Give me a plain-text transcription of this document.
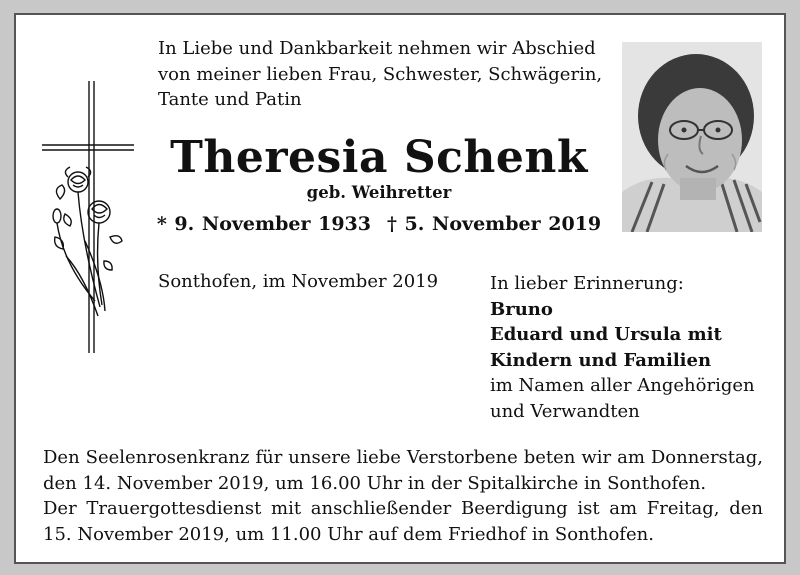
In Liebe und Dankbarkeit nehmen wir Abschied
von meiner lieben Frau, Schwester, Schwägerin,
Tante und Patin
Theresia Schenk
geb. Weihretter
* 9. November 1933 † 5. November 2019
Sonthofen, im November 2019	In lieber Erinnerung:
Bruno
Eduard und Ursula mit
Kindern und Familien
im Namen aller Angehörigen
und Verwandten

Den Seelenrosenkranz für unsere liebe Verstorbene beten wir am Donnerstag, den 14. November 2019, um 16.00 Uhr in der Spitalkirche in Sonthofen.

Der Trauergottesdienst mit anschließender Beerdigung ist am Freitag, den 15. November 2019, um 11.00 Uhr auf dem Friedhof in Sonthofen.
